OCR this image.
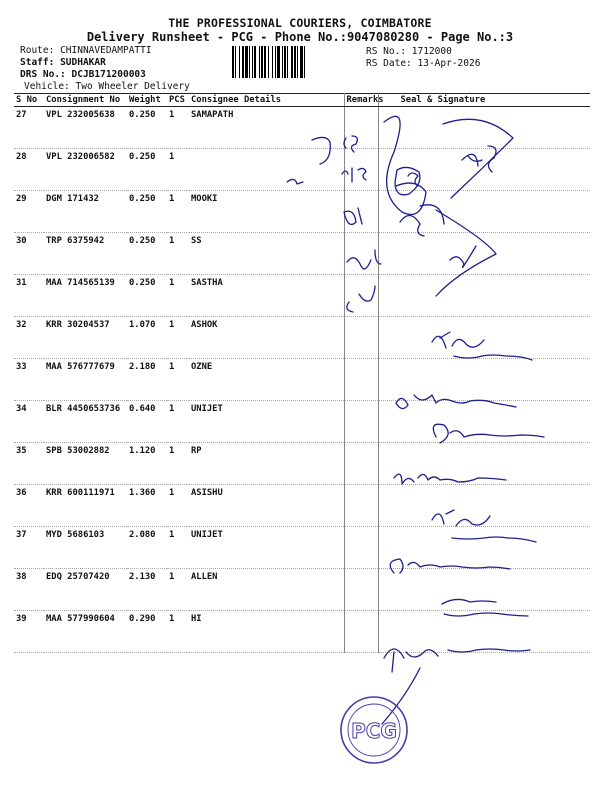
THE PROFESSIONAL COURIERS, COIMBATORE
Delivery Runsheet - PCG - Phone No.:9047080280 - Page No.:3
Route: CHINNAVEDAMPATTI
Staff: SUDHAKAR
DRS No.: DCJB171200003
Vehicle: Two Wheeler Delivery
RS No.: 1712000
RS Date: 13-Apr-2026
S No	Consignment No	Weight	PCS	Consignee Details	Remarks	Seal & Signature
27	VPL 232005638	0.250	1	SAMAPATH		
28	VPL 232006582	0.250	1			
29	DGM 171432	0.250	1	MOOKI		
30	TRP 6375942	0.250	1	SS		
31	MAA 714565139	0.250	1	SASTHA		
32	KRR 30204537	1.070	1	ASHOK		
33	MAA 576777679	2.180	1	OZNE		
34	BLR 4450653736	0.640	1	UNIJET		
35	SPB 53002882	1.120	1	RP		
36	KRR 600111971	1.360	1	ASISHU		
37	MYD 5686103	2.080	1	UNIJET		
38	EDQ 25707420	2.130	1	ALLEN		
39	MAA 577990604	0.290	1	HI		
PCG
